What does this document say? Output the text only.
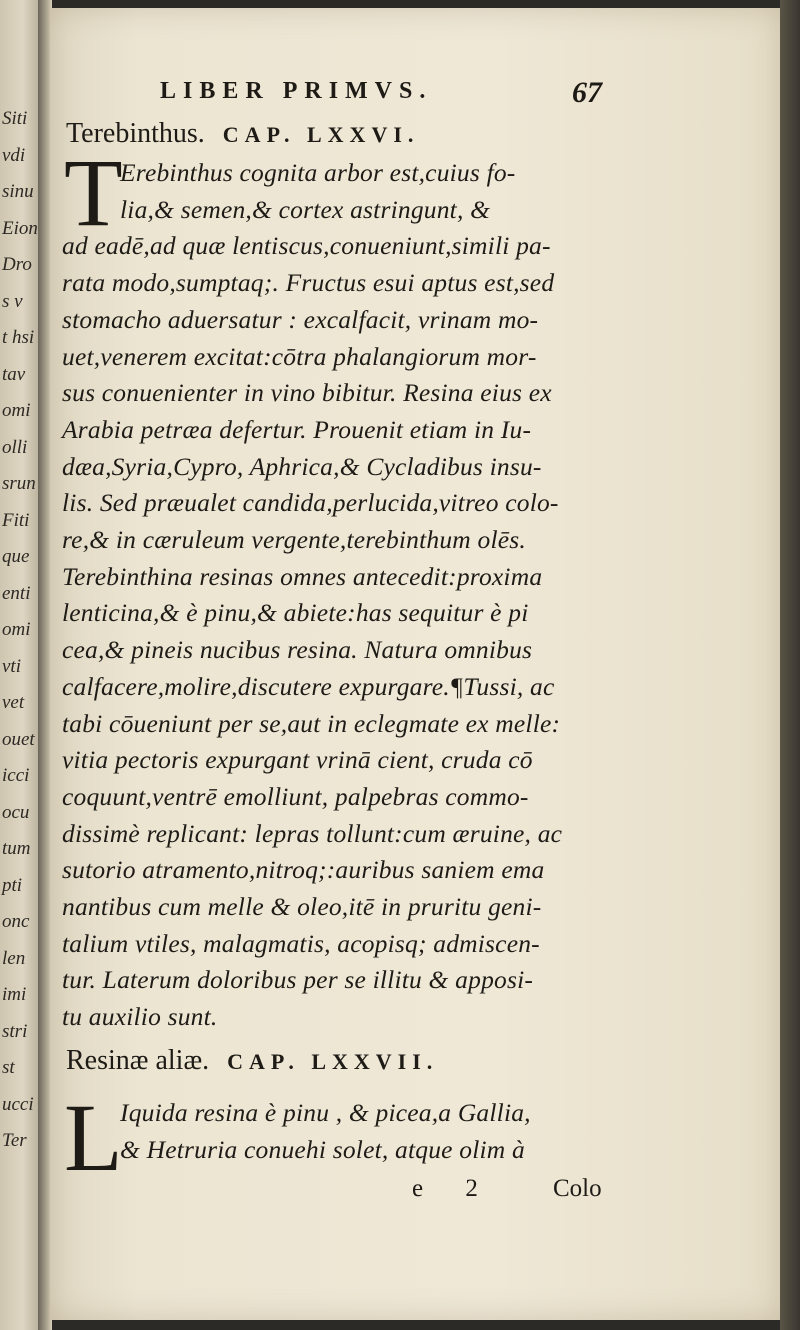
Siti
vdi
sinu
Eion
Dro
s v
t hsi
tav
omi
olli
srun
Fiti
que
enti
omi
vti
vet
ouet
icci
ocu
tum
pti
onc
len
imi
stri
st
ucci
Ter
LIBER PRIMVS.	67
Terebinthus. CAP. LXXVI.
T
Erebinthus cognita arbor est,cuius fo-
lia,& semen,& cortex astringunt, &
ad eadē,ad quæ lentiscus,conueniunt,simili pa-
rata modo,sumptaq;. Fructus esui aptus est,sed
stomacho aduersatur : excalfacit, vrinam mo-
uet,venerem excitat:cōtra phalangiorum mor-
sus conuenienter in vino bibitur. Resina eius ex
Arabia petræa defertur. Prouenit etiam in Iu-
dæa,Syria,Cypro, Aphrica,& Cycladibus insu-
lis. Sed præualet candida,perlucida,vitreo colo-
re,& in cæruleum vergente,terebinthum olēs.
Terebinthina resinas omnes antecedit:proxima
lenticina,& è pinu,& abiete:has sequitur è pi
cea,& pineis nucibus resina. Natura omnibus
calfacere,molire,discutere expurgare.¶Tussi, ac
tabi cōueniunt per se,aut in eclegmate ex melle:
vitia pectoris expurgant vrinā cient, cruda cō
coquunt,ventrē emolliunt, palpebras commo-
dissimè replicant: lepras tollunt:cum æruine, ac
sutorio atramento,nitroq;:auribus saniem ema
nantibus cum melle & oleo,itē in pruritu geni-
talium vtiles, malagmatis, acopisq; admiscen-
tur. Laterum doloribus per se illitu & apposi-
tu auxilio sunt.
Resinæ aliæ. CAP. LXXVII.
L
Iquida resina è pinu , & picea,a Gallia,
& Hetruria conuehi solet, atque olim à
e 2 Colo
